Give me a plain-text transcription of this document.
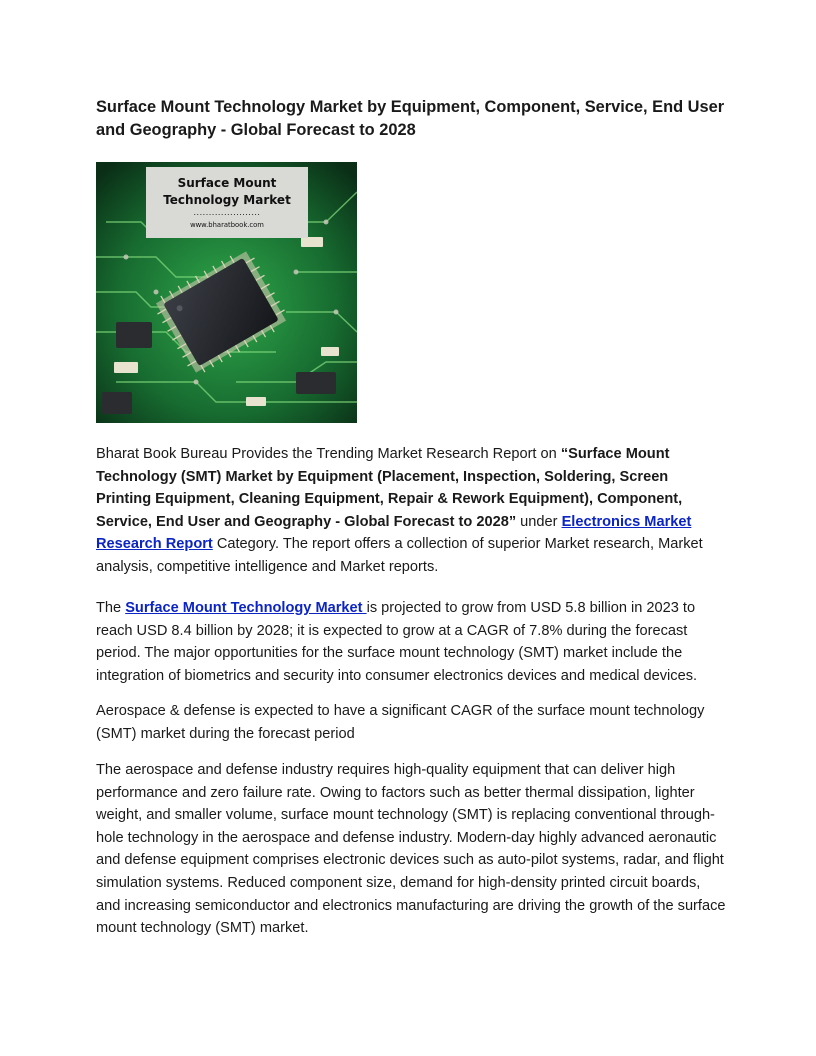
Surface Mount Technology Market by Equipment, Component, Service, End User and Geography - Global Forecast to 2028
Surface Mount
Technology Market
......................
www.bharatbook.com

Bharat Book Bureau Provides the Trending Market Research Report on “Surface Mount Technology (SMT) Market by Equipment (Placement, Inspection, Soldering, Screen Printing Equipment, Cleaning Equipment, Repair & Rework Equipment), Component, Service, End User and Geography - Global Forecast to 2028” under Electronics Market Research Report Category. The report offers a collection of superior Market research, Market analysis, competitive intelligence and Market reports.

The Surface Mount Technology Market is projected to grow from USD 5.8 billion in 2023 to reach USD 8.4 billion by 2028; it is expected to grow at a CAGR of 7.8% during the forecast period. The major opportunities for the surface mount technology (SMT) market include the integration of biometrics and security into consumer electronics devices and medical devices.

Aerospace & defense is expected to have a significant CAGR of the surface mount technology (SMT) market during the forecast period

The aerospace and defense industry requires high-quality equipment that can deliver high performance and zero failure rate. Owing to factors such as better thermal dissipation, lighter weight, and smaller volume, surface mount technology (SMT) is replacing conventional through-hole technology in the aerospace and defense industry. Modern-day highly advanced aeronautic and defense equipment comprises electronic devices such as auto-pilot systems, radar, and flight simulation systems. Reduced component size, demand for high-density printed circuit boards, and increasing semiconductor and electronics manufacturing are driving the growth of the surface mount technology (SMT) market.
